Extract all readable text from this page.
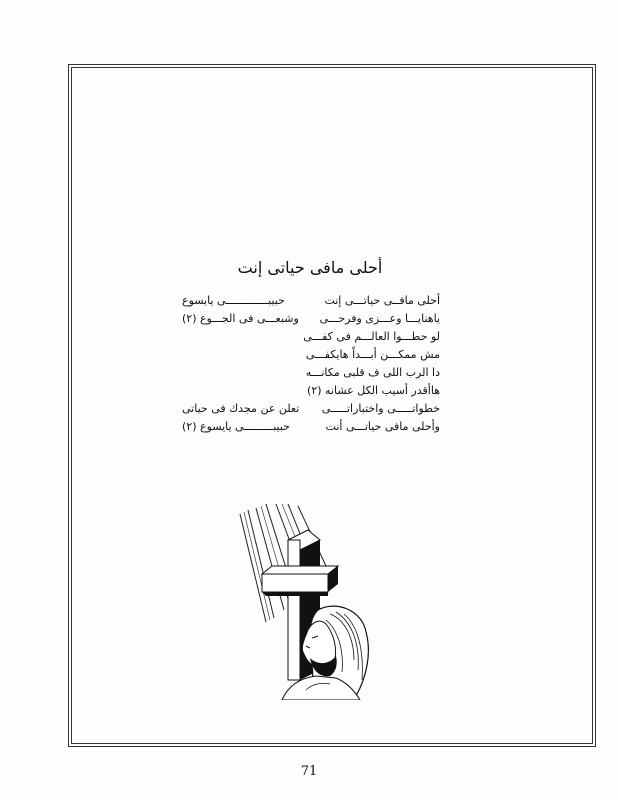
أحلى مافى حياتى إنت
أحلى مافــى حياتـــى إنت
حبيبـــــــــــــى يايسوع
ياهنايـــا وعـــزى وفرحـــى
وشبعـــى فى الجـــوع (٢)
لو حطـــوا العالـــم فى كفـــى
مش ممكـــن أبـــداً هايكفـــى
دا الرب اللى ف قلبى مكانـــه
هاأقدر أسيب الكل عشانه (٢)
خطواتـــــى واختباراتـــــى
تعلن عن مجدك فى حياتى
وأحلى مافى حياتـــى أنت
حبيبـــــــــى يايسوع (٢)
71
